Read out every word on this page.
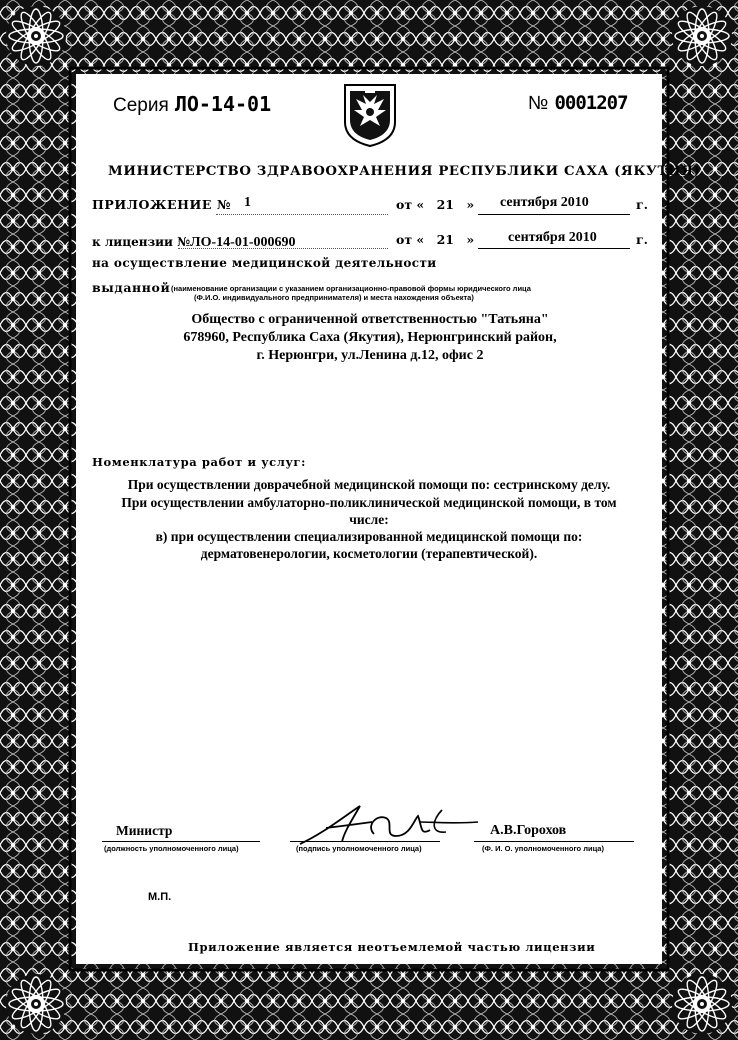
Серия ЛО-14-01	№ 0001207
МИНИСТЕРСТВО ЗДРАВООХРАНЕНИЯ РЕСПУБЛИКИ САХА (ЯКУТИЯ)
ПРИЛОЖЕНИЕ № 1	от « 21 » сентября 2010	г.
к лицензии №ЛО-14-01-000690	от « 21 » сентября 2010	г.
на осуществление медицинской деятельности
выданной (наименование организации с указанием организационно-правовой формы юридического лица
(Ф.И.О. индивидуального предпринимателя) и места нахождения объекта)
Общество с ограниченной ответственностью "Татьяна"
678960, Республика Саха (Якутия), Нерюнгринский район,
г. Нерюнгри, ул.Ленина д.12, офис 2
Номенклатура работ и услуг:
При осуществлении доврачебной медицинской помощи по: сестринскому делу.
При осуществлении амбулаторно-поликлинической медицинской помощи, в том
числе:
в) при осуществлении специализированной медицинской помощи по:
дерматовенерологии, косметологии (терапевтической).
Министр
(должность уполномоченного лица)	(подпись уполномоченного лица)
А.В.Горохов
(Ф. И. О. уполномоченного лица)
М.П.
Приложение является неотъемлемой частью лицензии
